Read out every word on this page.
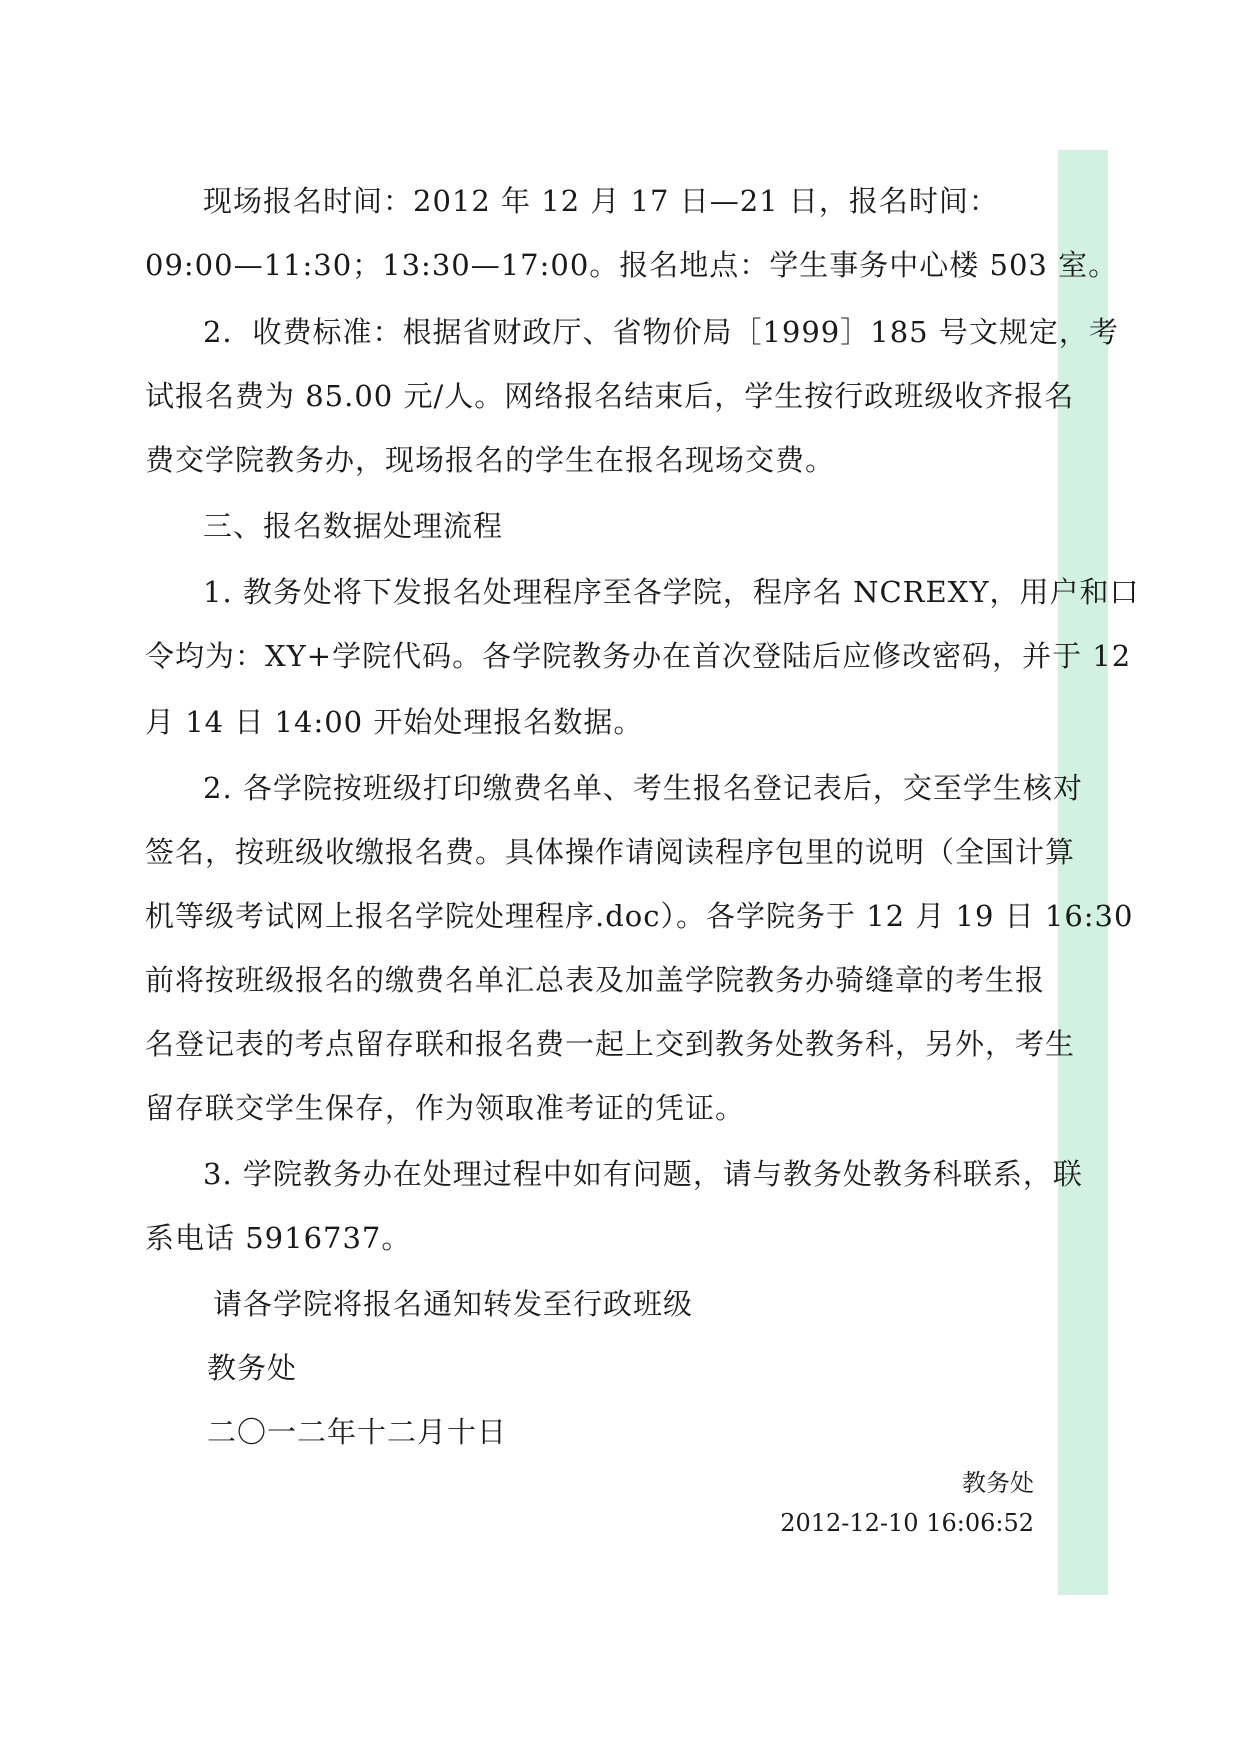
现场报名时间：2012 年 12 月 17 日—21 日，报名时间：

09:00—11:30；13:30—17:00。报名地点：学生事务中心楼 503 室。

2．收费标准：根据省财政厅、省物价局［1999］185 号文规定，考

试报名费为 85.00 元/人。网络报名结束后，学生按行政班级收齐报名

费交学院教务办，现场报名的学生在报名现场交费。

三、报名数据处理流程

1. 教务处将下发报名处理程序至各学院，程序名 NCREXY，用户和口

令均为：XY+学院代码。各学院教务办在首次登陆后应修改密码，并于 12

月 14 日 14:00 开始处理报名数据。

2. 各学院按班级打印缴费名单、考生报名登记表后，交至学生核对

签名，按班级收缴报名费。具体操作请阅读程序包里的说明（全国计算

机等级考试网上报名学院处理程序.doc）。各学院务于 12 月 19 日 16:30

前将按班级报名的缴费名单汇总表及加盖学院教务办骑缝章的考生报

名登记表的考点留存联和报名费一起上交到教务处教务科，另外，考生

留存联交学生保存，作为领取准考证的凭证。

3. 学院教务办在处理过程中如有问题，请与教务处教务科联系，联

系电话 5916737。

请各学院将报名通知转发至行政班级

教务处

二〇一二年十二月十日

教务处

2012-12-10 16:06:52
